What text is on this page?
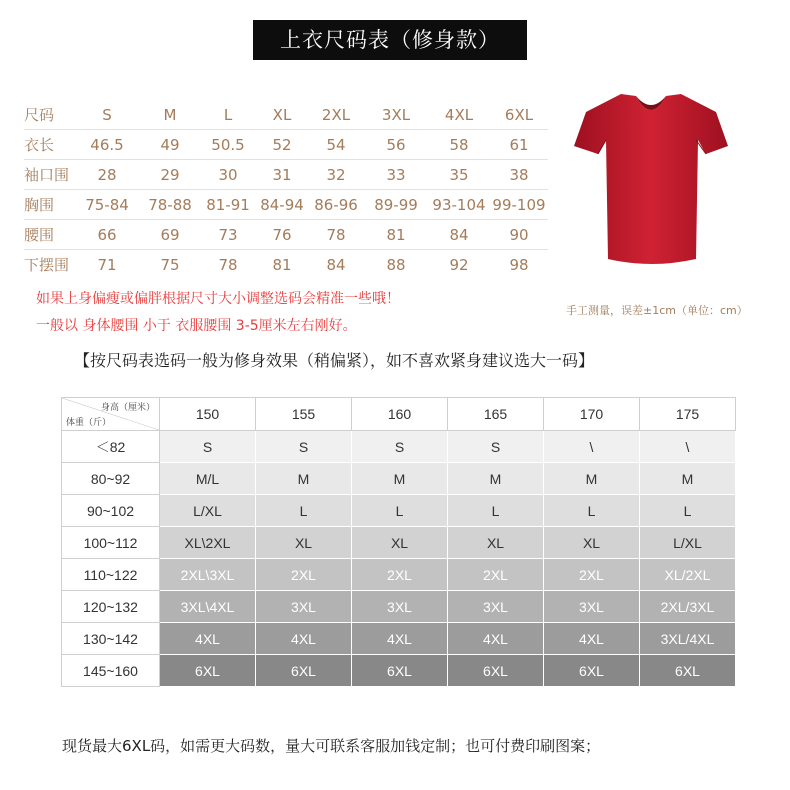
上衣尺码表（修身款）
尺码	S	M	L	XL	2XL	3XL	4XL	6XL
衣长	46.5	49	50.5	52	54	56	58	61
袖口围	28	29	30	31	32	33	35	38
胸围	75-84	78-88	81-91	84-94	86-96	89-99	93-104	99-109
腰围	66	69	73	76	78	81	84	90
下摆围	71	75	78	81	84	88	92	98
手工测量，误差±1cm（单位：cm）
如果上身偏瘦或偏胖根据尺寸大小调整选码会精准一些哦！
一般以 身体腰围 小于 衣服腰围 3-5厘米左右刚好。
【按尺码表选码一般为修身效果（稍偏紧），如不喜欢紧身建议选大一码】
身高（厘米）
体重（斤）	150	155	160	165	170	175
＜82	S	S	S	S	\	\
80~92	M/L	M	M	M	M	M
90~102	L/XL	L	L	L	L	L
100~112	XL\2XL	XL	XL	XL	XL	L/XL
110~122	2XL\3XL	2XL	2XL	2XL	2XL	XL/2XL
120~132	3XL\4XL	3XL	3XL	3XL	3XL	2XL/3XL
130~142	4XL	4XL	4XL	4XL	4XL	3XL/4XL
145~160	6XL	6XL	6XL	6XL	6XL	6XL
现货最大6XL码，如需更大码数，量大可联系客服加钱定制；也可付费印刷图案；
